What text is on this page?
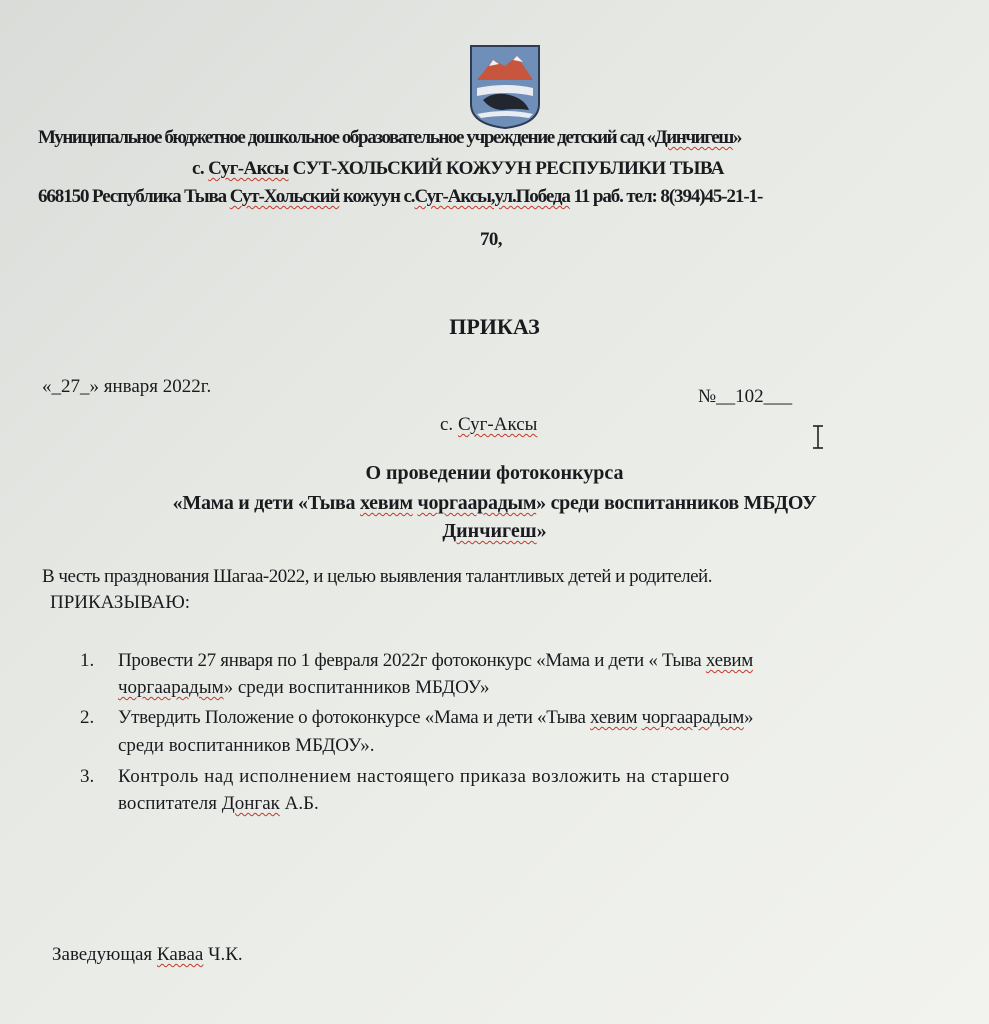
Муниципальное бюджетное дошкольное образовательное учреждение детский сад «Динчигеш»
с. Суг-Аксы СУТ-ХОЛЬСКИЙ КОЖУУН РЕСПУБЛИКИ ТЫВА
668150 Республика Тыва Сут-Хольский кожуун с.Суг-Аксы,ул.Победа 11 раб. тел: 8(394)45-21-1-
70,
ПРИКАЗ
«_27_» января 2022г.	№__102___
с. Суг-Аксы
О проведении фотоконкурса
«Мама и дети «Тыва хевим чоргаарадым» среди воспитанников МБДОУ
Динчигеш»
В честь празднования Шагаа-2022, и целью выявления талантливых детей и родителей.
ПРИКАЗЫВАЮ:
1. Провести 27 января по 1 февраля 2022г фотоконкурс «Мама и дети « Тыва хевим
чоргаарадым» среди воспитанников МБДОУ»
2. Утвердить Положение о фотоконкурсе «Мама и дети «Тыва хевим чоргаарадым»
среди воспитанников МБДОУ».
3. Контроль над исполнением настоящего приказа возложить на старшего
воспитателя Донгак А.Б.
Заведующая Каваа Ч.К.
